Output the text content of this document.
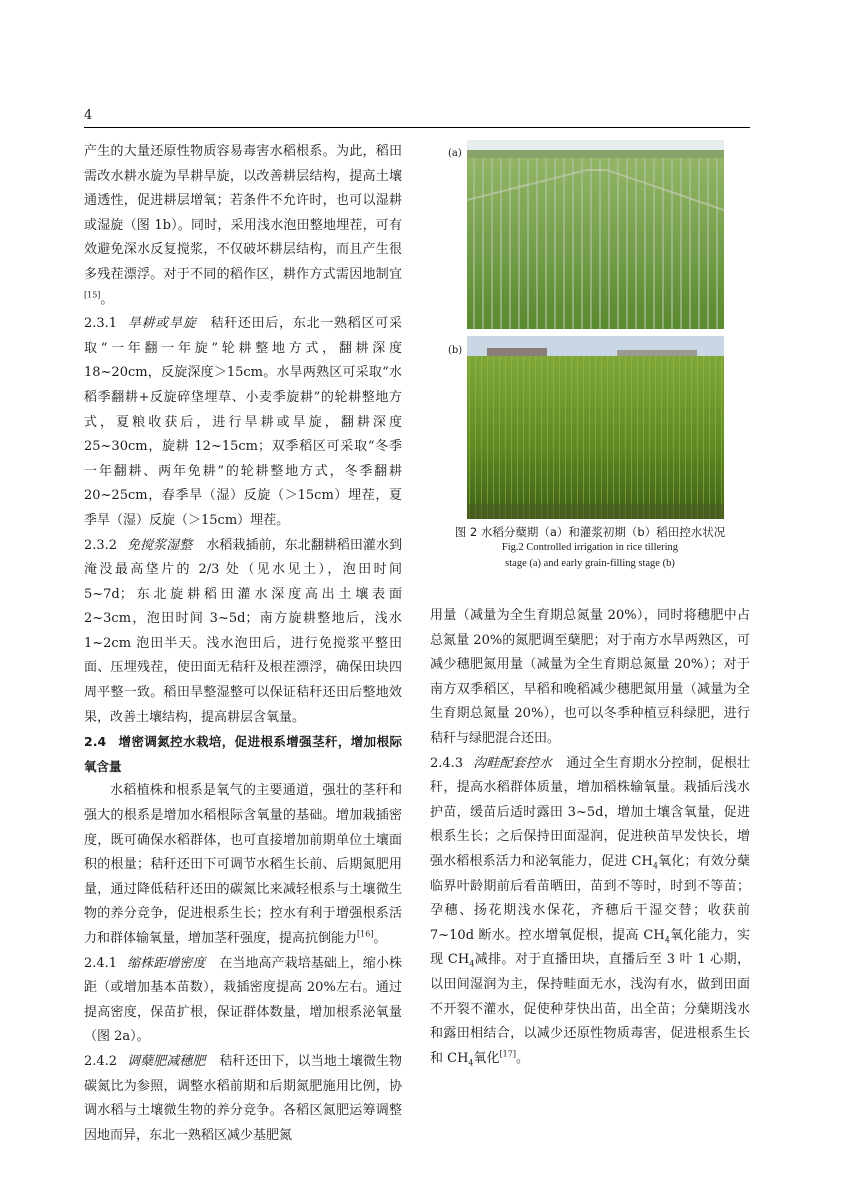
4

产生的大量还原性物质容易毒害水稻根系。为此，稻田需改水耕水旋为旱耕旱旋，以改善耕层结构，提高土壤通透性，促进耕层增氧；若条件不允许时，也可以湿耕或湿旋（图 1b）。同时，采用浅水泡田整地埋茬，可有效避免深水反复搅浆，不仅破坏耕层结构，而且产生很多残茬漂浮。对于不同的稻作区，耕作方式需因地制宜[15]。

2.3.1 旱耕或旱旋 秸秆还田后，东北一熟稻区可采取“一年翻一年旋”轮耕整地方式，翻耕深度 18~20cm，反旋深度＞15cm。水旱两熟区可采取“水稻季翻耕+反旋碎垡埋草、小麦季旋耕”的轮耕整地方式，夏粮收获后，进行旱耕或旱旋，翻耕深度 25~30cm，旋耕 12~15cm；双季稻区可采取“冬季一年翻耕、两年免耕”的轮耕整地方式，冬季翻耕 20~25cm，春季旱（湿）反旋（＞15cm）埋茬，夏季旱（湿）反旋（＞15cm）埋茬。

2.3.2 免搅浆湿整 水稻栽插前，东北翻耕稻田灌水到淹没最高垡片的 2/3 处（见水见土），泡田时间 5~7d；东北旋耕稻田灌水深度高出土壤表面 2~3cm，泡田时间 3~5d；南方旋耕整地后，浅水 1~2cm 泡田半天。浅水泡田后，进行免搅浆平整田面、压埋残茬，使田面无秸秆及根茬漂浮，确保田块四周平整一致。稻田旱整湿整可以保证秸秆还田后整地效果，改善土壤结构，提高耕层含氧量。

2.4 增密调氮控水栽培，促进根系增强茎秆，增加根际氧含量

水稻植株和根系是氧气的主要通道，强壮的茎秆和强大的根系是增加水稻根际含氧量的基础。增加栽插密度，既可确保水稻群体，也可直接增加前期单位土壤面积的根量；秸秆还田下可调节水稻生长前、后期氮肥用量，通过降低秸秆还田的碳氮比来减轻根系与土壤微生物的养分竞争，促进根系生长；控水有利于增强根系活力和群体输氧量，增加茎秆强度，提高抗倒能力[16]。

2.4.1 缩株距增密度 在当地高产栽培基础上，缩小株距（或增加基本苗数），栽插密度提高 20%左右。通过提高密度，保苗扩根，保证群体数量，增加根系泌氧量（图 2a）。

2.4.2 调蘖肥减穗肥 秸秆还田下，以当地土壤微生物碳氮比为参照，调整水稻前期和后期氮肥施用比例，协调水稻与土壤微生物的养分竞争。各稻区氮肥运筹调整因地而异，东北一熟稻区减少基肥氮

(a)
(b)
图 2 水稻分蘖期（a）和灌浆初期（b）稻田控水状况
Fig.2 Controlled irrigation in rice tillering
stage (a) and early grain-filling stage (b)

用量（减量为全生育期总氮量 20%），同时将穗肥中占总氮量 20%的氮肥调至蘖肥；对于南方水旱两熟区，可减少穗肥氮用量（减量为全生育期总氮量 20%）；对于南方双季稻区，早稻和晚稻减少穗肥氮用量（减量为全生育期总氮量 20%），也可以冬季种植豆科绿肥，进行秸秆与绿肥混合还田。

2.4.3 沟畦配套控水 通过全生育期水分控制，促根壮秆，提高水稻群体质量，增加稻株输氧量。栽插后浅水护苗，缓苗后适时露田 3~5d，增加土壤含氧量，促进根系生长；之后保持田面湿润，促进秧苗早发快长，增强水稻根系活力和泌氧能力，促进 $CH_4$氧化；有效分蘖临界叶龄期前后看苗晒田，苗到不等时，时到不等苗；孕穗、扬花期浅水保花，齐穗后干湿交替；收获前 7~10d 断水。控水增氧促根，提高 $CH_4$氧化能力，实现 $CH_4$减排。对于直播田块，直播后至 3 叶 1 心期，以田间湿润为主，保持畦面无水，浅沟有水，做到田面不开裂不灌水，促使种芽快出苗，出全苗；分蘖期浅水和露田相结合，以减少还原性物质毒害，促进根系生长和 $CH_4$氧化[17]。
